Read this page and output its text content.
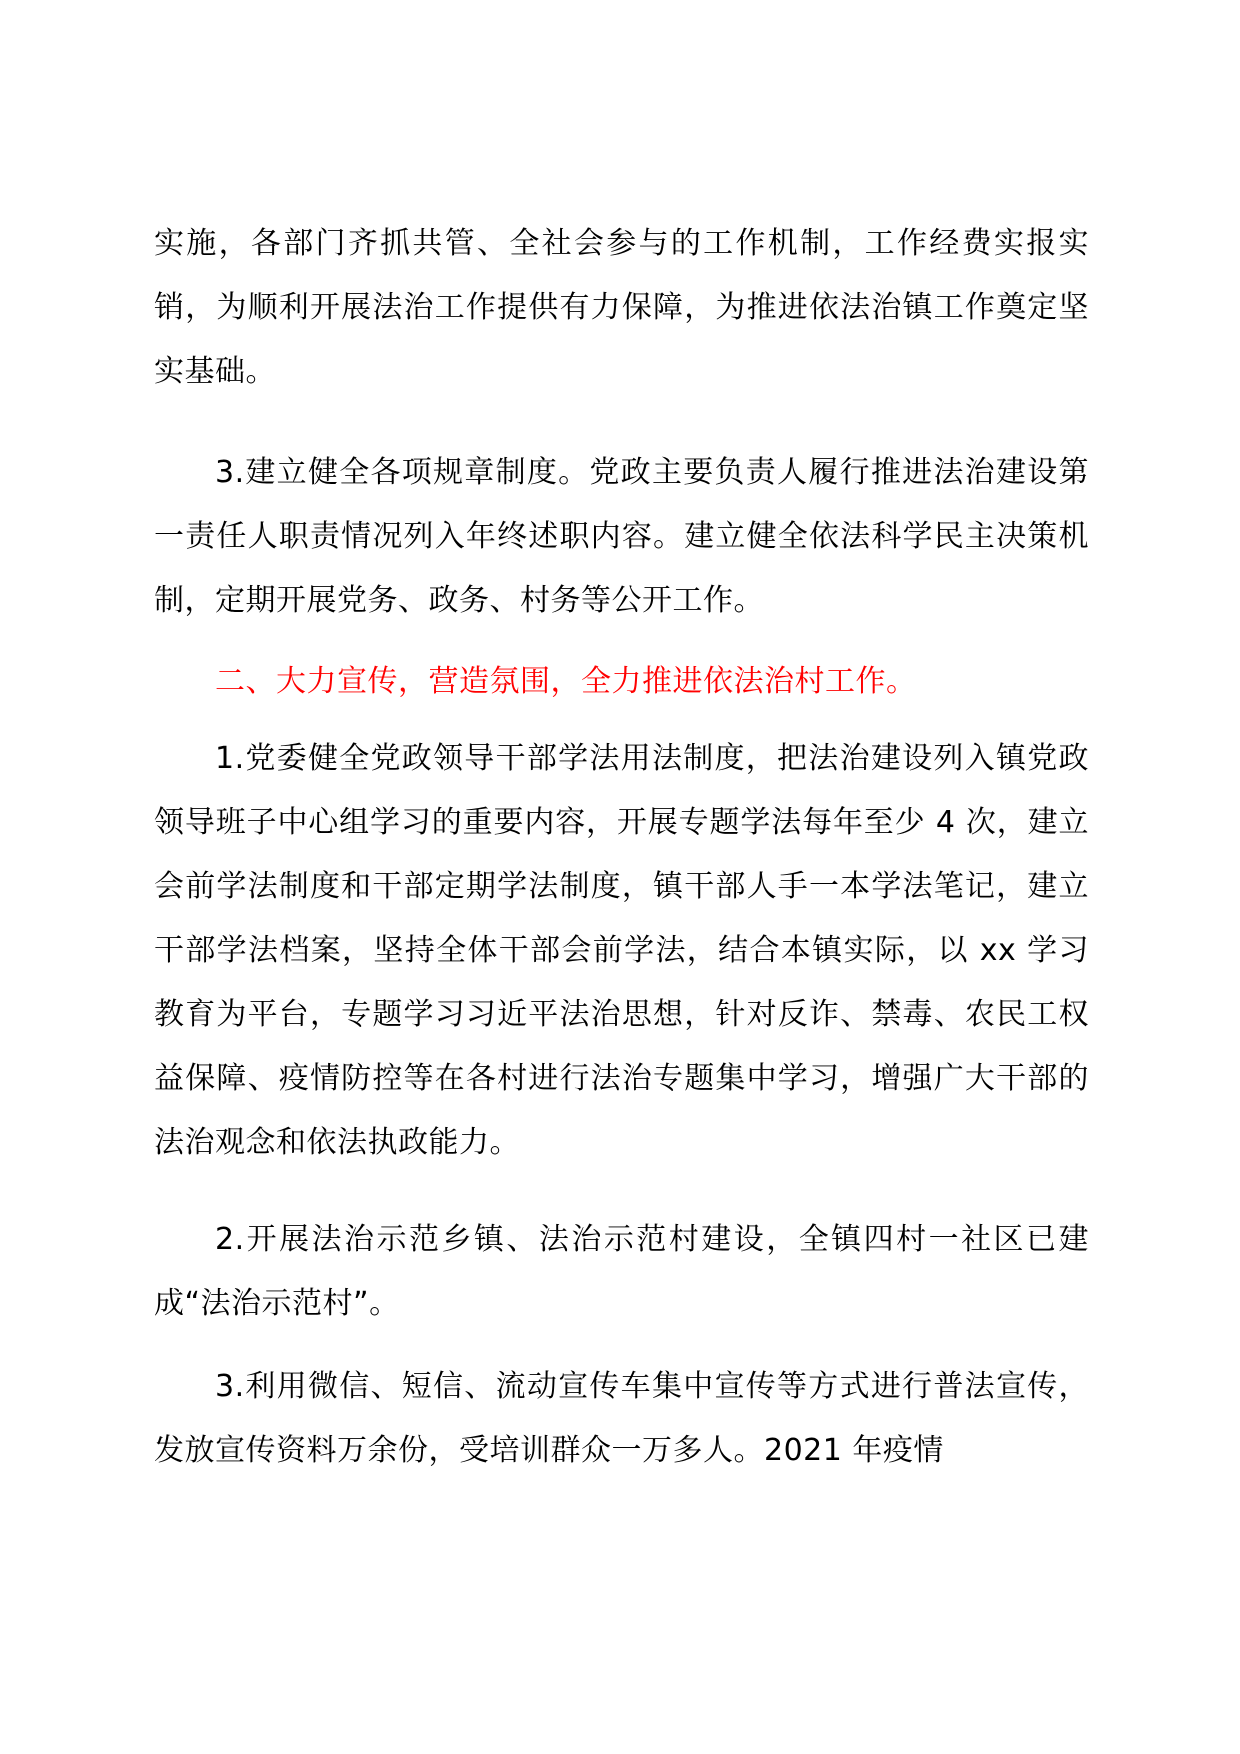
实施，各部门齐抓共管、全社会参与的工作机制，工作经费实报实销，为顺利开展法治工作提供有力保障，为推进依法治镇工作奠定坚实基础。

3.建立健全各项规章制度。党政主要负责人履行推进法治建设第一责任人职责情况列入年终述职内容。建立健全依法科学民主决策机制，定期开展党务、政务、村务等公开工作。

二、大力宣传，营造氛围，全力推进依法治村工作。

1.党委健全党政领导干部学法用法制度，把法治建设列入镇党政领导班子中心组学习的重要内容，开展专题学法每年至少 4 次，建立会前学法制度和干部定期学法制度，镇干部人手一本学法笔记，建立干部学法档案，坚持全体干部会前学法，结合本镇实际，以 xx 学习教育为平台，专题学习习近平法治思想，针对反诈、禁毒、农民工权益保障、疫情防控等在各村进行法治专题集中学习，增强广大干部的法治观念和依法执政能力。

2.开展法治示范乡镇、法治示范村建设，全镇四村一社区已建成“法治示范村”。

3.利用微信、短信、流动宣传车集中宣传等方式进行普法宣传，发放宣传资料万余份，受培训群众一万多人。2021 年疫情
